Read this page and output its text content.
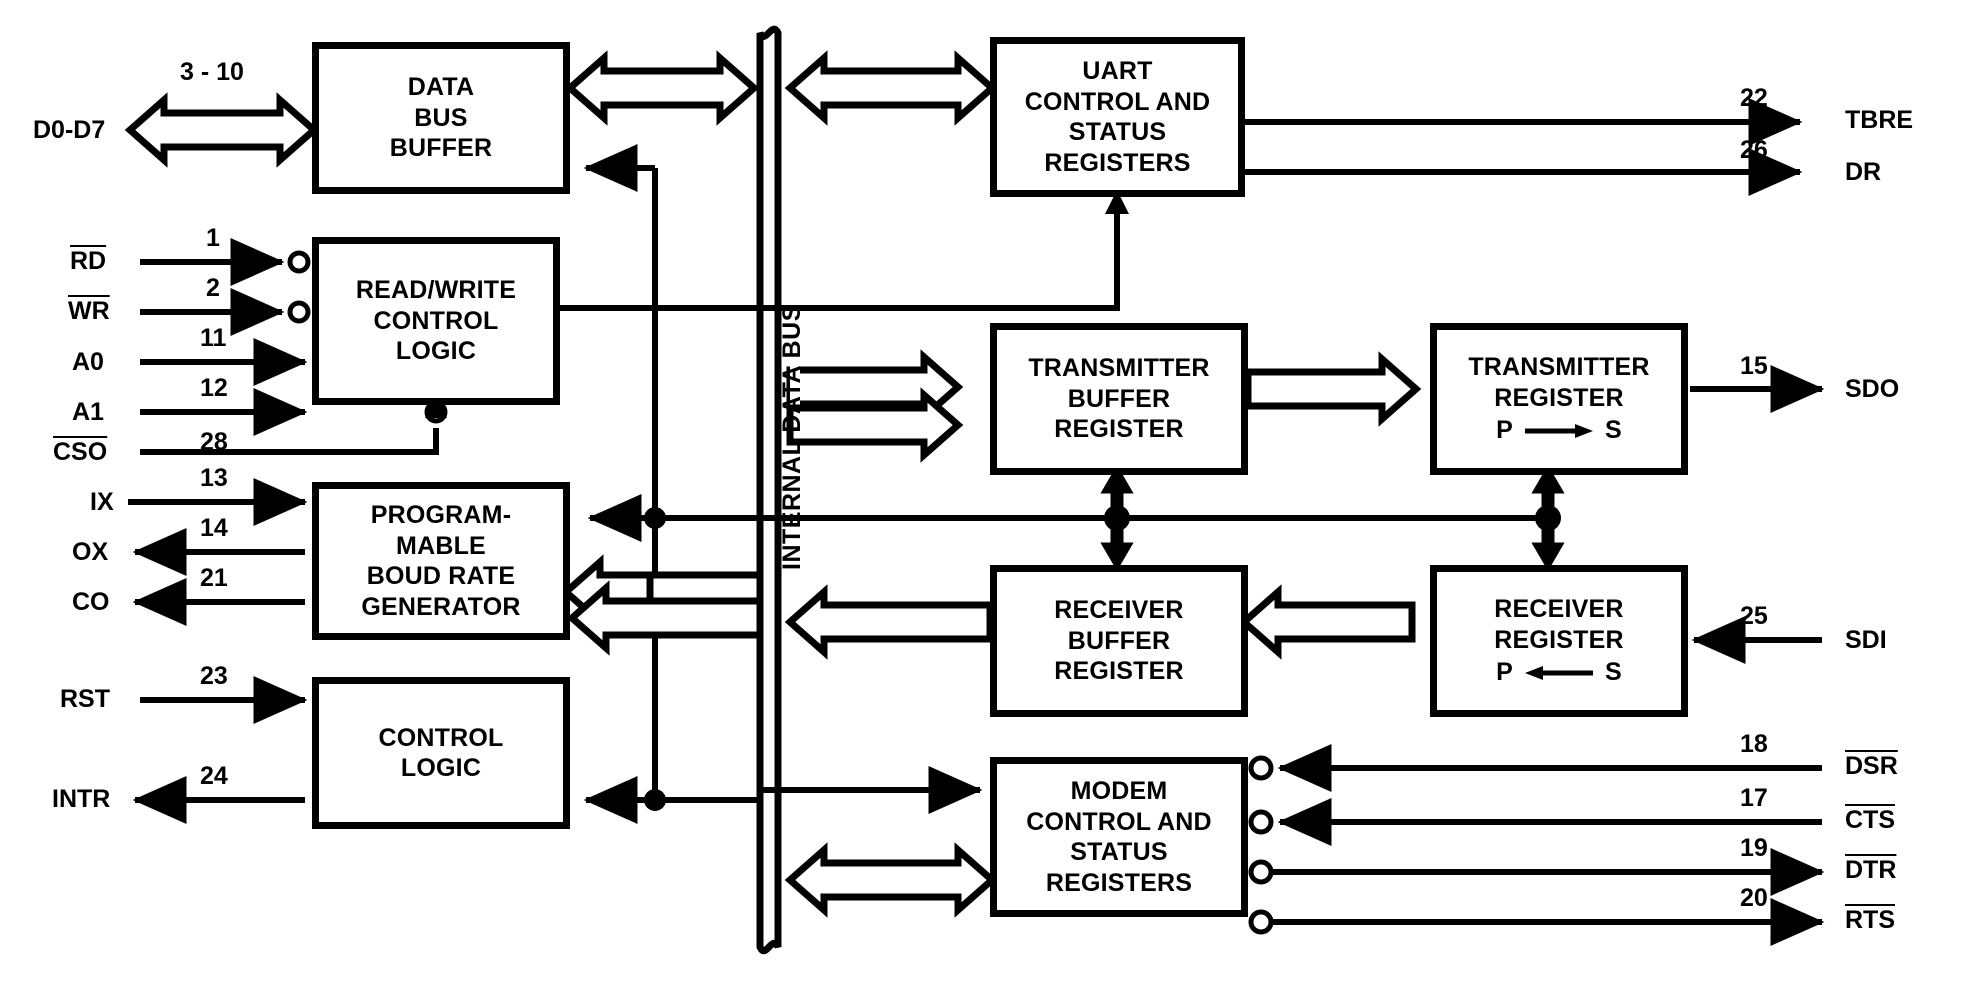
DATA
BUS
BUFFER
READ/WRITE
CONTROL
LOGIC
PROGRAM-
MABLE
BOUD RATE
GENERATOR
CONTROL
LOGIC
UART
CONTROL AND
STATUS
REGISTERS
TRANSMITTER
BUFFER
REGISTER
TRANSMITTER
REGISTER
P	S
RECEIVER
BUFFER
REGISTER
RECEIVER
REGISTER
P	S
MODEM
CONTROL AND
STATUS
REGISTERS
INTERNAL DATA BUS
D0-D7
3 - 10
$\overline{RD}$
1
$\overline{WR}$
2
A0
11
A1
12
$\overline{CSO}$	28
IX
13
OX
14
CO
21
RST
23
INTR
24
TBRE
22
DR
26
SDO
15
SDI
25
$\overline{DSR}$
18
$\overline{CTS}$
17
$\overline{DTR}$
19
$\overline{RTS}$
20
